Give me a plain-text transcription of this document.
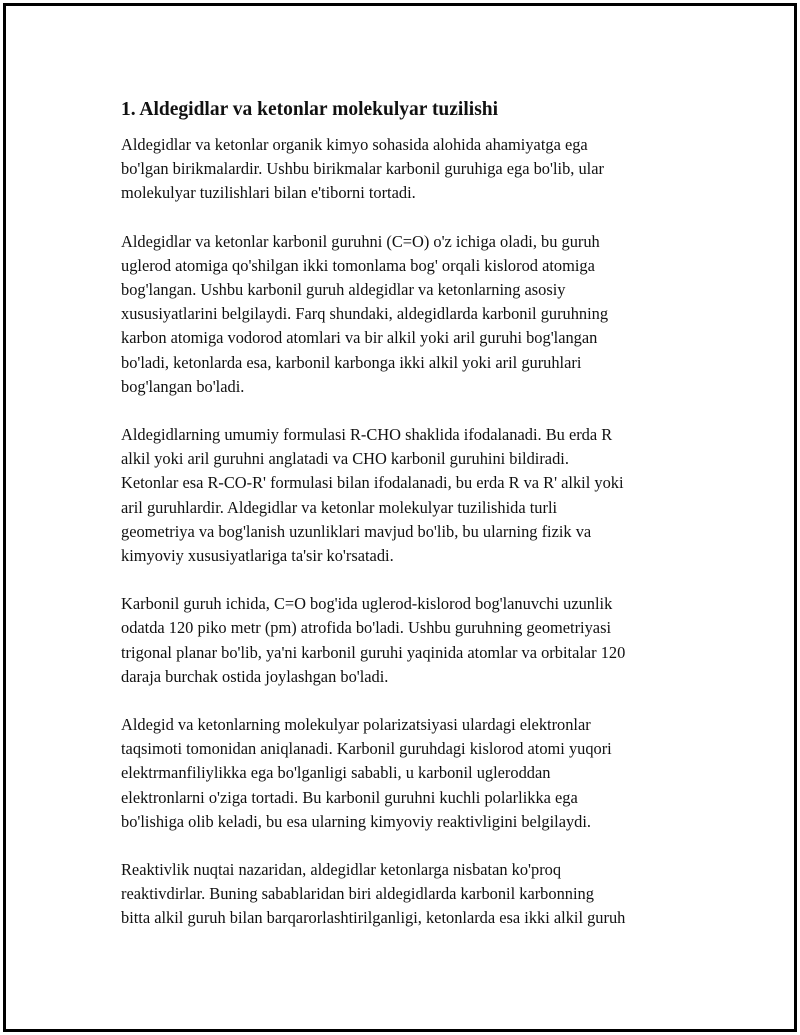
1. Aldegidlar va ketonlar molekulyar tuzilishi

Aldegidlar va ketonlar organik kimyo sohasida alohida ahamiyatga ega
bo'lgan birikmalardir. Ushbu birikmalar karbonil guruhiga ega bo'lib, ular
molekulyar tuzilishlari bilan e'tiborni tortadi.

Aldegidlar va ketonlar karbonil guruhni (C=O) o'z ichiga oladi, bu guruh
uglerod atomiga qo'shilgan ikki tomonlama bog' orqali kislorod atomiga
bog'langan. Ushbu karbonil guruh aldegidlar va ketonlarning asosiy
xususiyatlarini belgilaydi. Farq shundaki, aldegidlarda karbonil guruhning
karbon atomiga vodorod atomlari va bir alkil yoki aril guruhi bog'langan
bo'ladi, ketonlarda esa, karbonil karbonga ikki alkil yoki aril guruhlari
bog'langan bo'ladi.

Aldegidlarning umumiy formulasi R-CHO shaklida ifodalanadi. Bu erda R
alkil yoki aril guruhni anglatadi va CHO karbonil guruhini bildiradi.
Ketonlar esa R-CO-R' formulasi bilan ifodalanadi, bu erda R va R' alkil yoki
aril guruhlardir. Aldegidlar va ketonlar molekulyar tuzilishida turli
geometriya va bog'lanish uzunliklari mavjud bo'lib, bu ularning fizik va
kimyoviy xususiyatlariga ta'sir ko'rsatadi.

Karbonil guruh ichida, C=O bog'ida uglerod-kislorod bog'lanuvchi uzunlik
odatda 120 piko metr (pm) atrofida bo'ladi. Ushbu guruhning geometriyasi
trigonal planar bo'lib, ya'ni karbonil guruhi yaqinida atomlar va orbitalar 120
daraja burchak ostida joylashgan bo'ladi.

Aldegid va ketonlarning molekulyar polarizatsiyasi ulardagi elektronlar
taqsimoti tomonidan aniqlanadi. Karbonil guruhdagi kislorod atomi yuqori
elektrmanfiliylikka ega bo'lganligi sababli, u karbonil ugleroddan
elektronlarni o'ziga tortadi. Bu karbonil guruhni kuchli polarlikka ega
bo'lishiga olib keladi, bu esa ularning kimyoviy reaktivligini belgilaydi.

Reaktivlik nuqtai nazaridan, aldegidlar ketonlarga nisbatan ko'proq
reaktivdirlar. Buning sabablaridan biri aldegidlarda karbonil karbonning
bitta alkil guruh bilan barqarorlashtirilganligi, ketonlarda esa ikki alkil guruh
